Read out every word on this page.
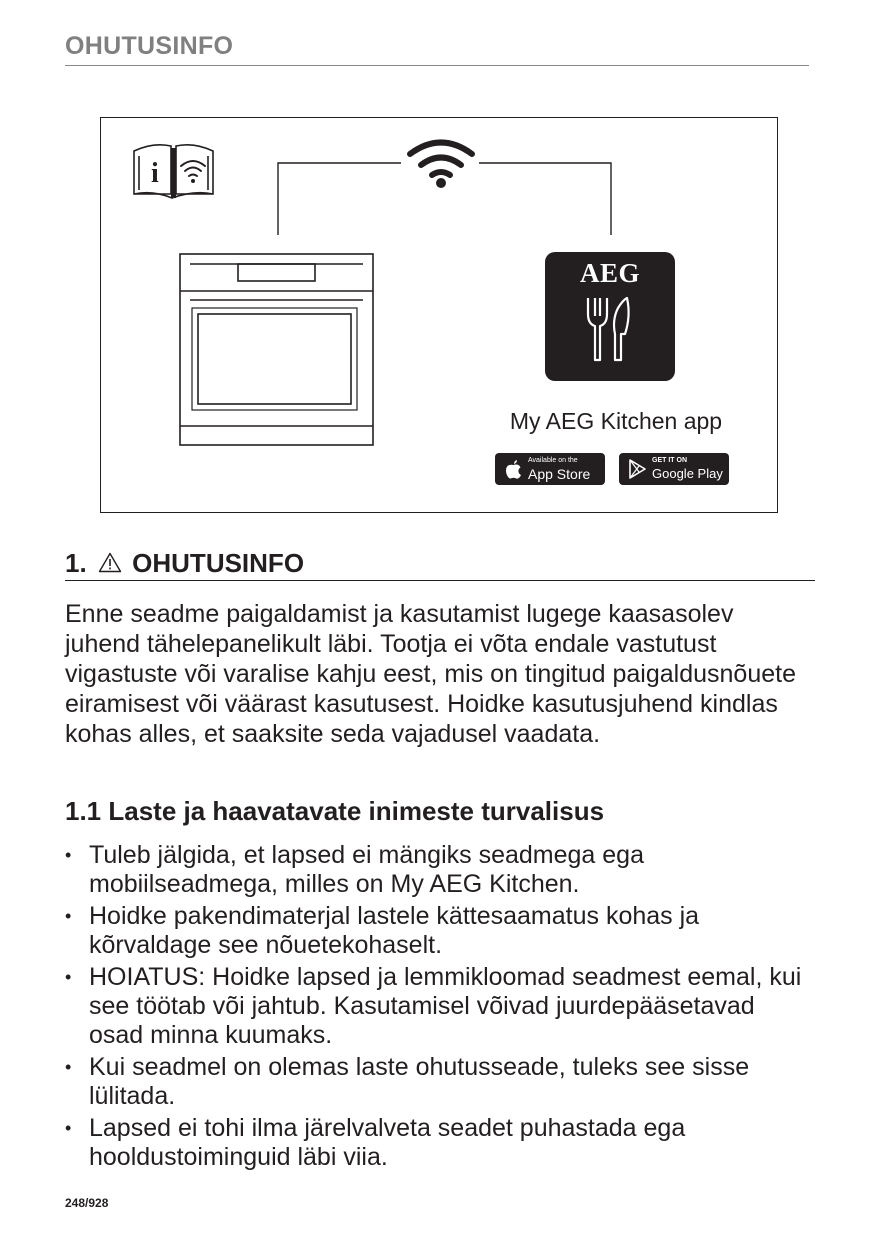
OHUTUSINFO
i
AEG
My AEG Kitchen app
Available on the
App Store
GET IT ON
Google Play
1. OHUTUSINFO
Enne seadme paigaldamist ja kasutamist lugege kaasasolev juhend tähelepanelikult läbi. Tootja ei võta endale vastutust vigastuste või varalise kahju eest, mis on tingitud paigaldusnõuete eiramisest või väärast kasutusest. Hoidke kasutusjuhend kindlas kohas alles, et saaksite seda vajadusel vaadata.
1.1 Laste ja haavatavate inimeste turvalisus
• Tuleb jälgida, et lapsed ei mängiks seadmega ega mobiilseadmega, milles on My AEG Kitchen.
• Hoidke pakendimaterjal lastele kättesaamatus kohas ja kõrvaldage see nõuetekohaselt.
• HOIATUS: Hoidke lapsed ja lemmikloomad seadmest eemal, kui see töötab või jahtub. Kasutamisel võivad juurdepääsetavad osad minna kuumaks.
• Kui seadmel on olemas laste ohutusseade, tuleks see sisse lülitada.
• Lapsed ei tohi ilma järelvalveta seadet puhastada ega hooldustoiminguid läbi viia.
248/928
